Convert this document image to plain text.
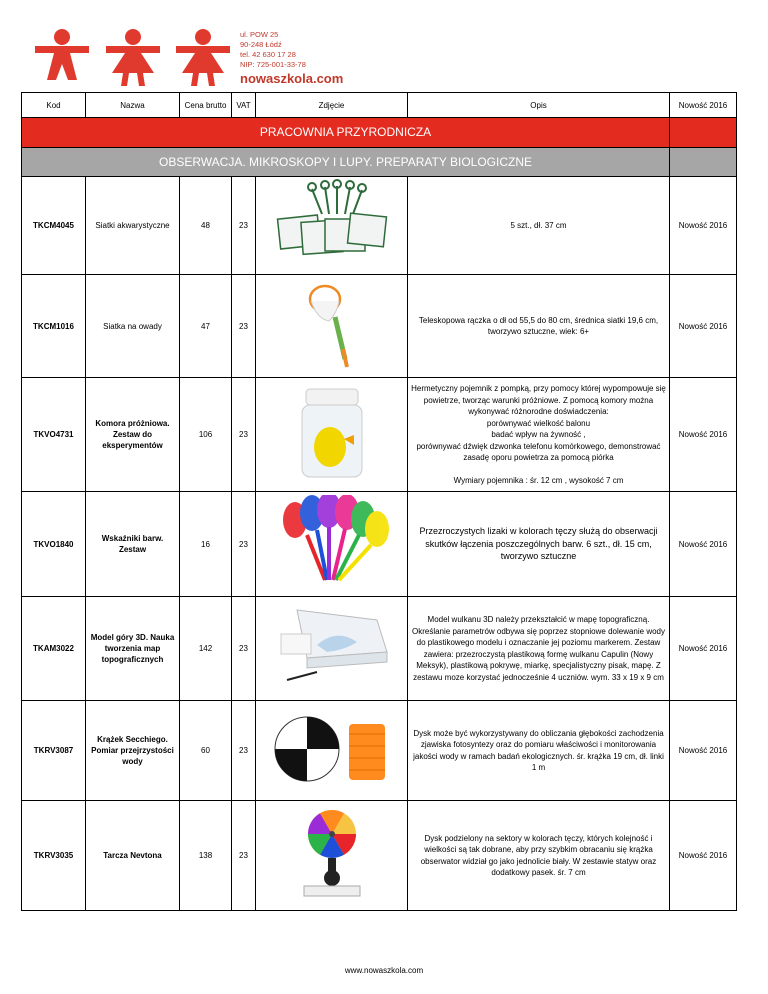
ul. POW 25
90-248 Łódź
tel. 42 630 17 28
NIP: 725-001-33-78
nowaszkola.com
Kod	Nazwa	Cena brutto	VAT	Zdjęcie	Opis	Nowość 2016
PRACOWNIA PRZYRODNICZA						
OBSERWACJA. MIKROSKOPY I LUPY. PREPARATY BIOLOGICZNE						
TKCM4045	Siatki akwarystyczne	48	23		5 szt., dł. 37 cm	Nowość 2016
TKCM1016	Siatka na owady	47	23		Teleskopowa rączka o dł od 55,5 do 80 cm, średnica siatki 19,6 cm, tworzywo sztuczne, wiek: 6+	Nowość 2016
TKVO4731	Komora próżniowa. Zestaw do eksperymentów	106	23		Hermetyczny pojemnik z pompką, przy pomocy której wypompowuje się powietrze, tworząc warunki próżniowe. Z pomocą komory można wykonywać różnorodne doświadczenia:
porównywać wielkość balonu
badać wpływ na żywność ,
porównywać dźwięk dzwonka telefonu komórkowego, demonstrować zasadę oporu powietrza za pomocą piórka
Wymiary pojemnika : śr. 12 cm , wysokość 7 cm	Nowość 2016
TKVO1840	Wskaźniki barw. Zestaw	16	23		Przezroczystych lizaki w kolorach tęczy służą do obserwacji skutków łączenia poszczególnych barw. 6 szt., dł. 15 cm, tworzywo sztuczne	Nowość 2016
TKAM3022	Model góry 3D. Nauka tworzenia map topograficznych	142	23		Model wulkanu 3D należy przekształcić w mapę topograficzną. Określanie parametrów odbywa się poprzez stopniowe dolewanie wody do plastikowego modelu i oznaczanie jej poziomu markerem. Zestaw zawiera: przezroczystą plastikową formę wulkanu Capulin (Nowy Meksyk), plastikową pokrywę, miarkę, specjalistyczny pisak, mapę. Z zestawu moze korzystać jednocześnie 4 uczniów. wym. 33 x 19 x 9 cm	Nowość 2016
TKRV3087	Krążek Secchiego. Pomiar przejrzystości wody	60	23		Dysk może być wykorzystywany do obliczania głębokości zachodzenia zjawiska fotosyntezy oraz do pomiaru właściwości i monitorowania jakości wody w ramach badań ekologicznych. śr. krążka 19 cm, dł. linki 1 m	Nowość 2016
TKRV3035	Tarcza Nevtona	138	23		Dysk podzielony na sektory w kolorach tęczy, których kolejność i wielkości są tak dobrane, aby przy szybkim obracaniu się krążka obserwator widział go jako jednolicie biały. W zestawie statyw oraz dodatkowy pasek. śr. 7 cm	Nowość 2016
www.nowaszkola.com
